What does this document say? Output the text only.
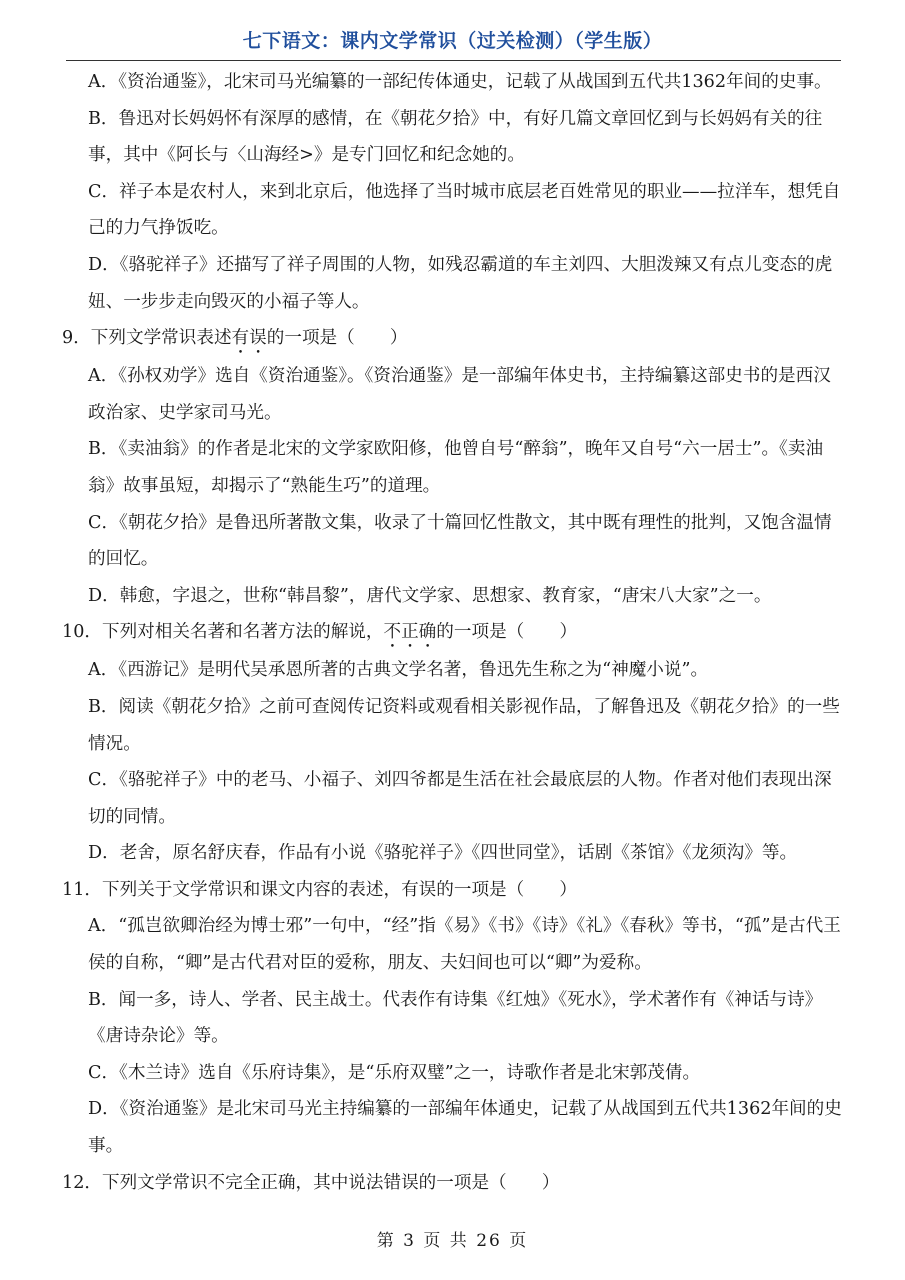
七下语文：课内文学常识（过关检测）（学生版）

A．《资治通鉴》，北宋司马光编纂的一部纪传体通史，记载了从战国到五代共1362年间的史事。

B．鲁迅对长妈妈怀有深厚的感情，在《朝花夕拾》中，有好几篇文章回忆到与长妈妈有关的往事，其中《阿长与〈山海经>》是专门回忆和纪念她的。

C．祥子本是农村人，来到北京后，他选择了当时城市底层老百姓常见的职业——拉洋车，想凭自己的力气挣饭吃。

D．《骆驼祥子》还描写了祥子周围的人物，如残忍霸道的车主刘四、大胆泼辣又有点儿变态的虎妞、一步步走向毁灭的小福子等人。

9．下列文学常识表述有误的一项是（　　）

A．《孙权劝学》选自《资治通鉴》。《资治通鉴》是一部编年体史书，主持编纂这部史书的是西汉政治家、史学家司马光。

B．《卖油翁》的作者是北宋的文学家欧阳修，他曾自号“醉翁”，晚年又自号“六一居士”。《卖油翁》故事虽短，却揭示了“熟能生巧”的道理。

C．《朝花夕拾》是鲁迅所著散文集，收录了十篇回忆性散文，其中既有理性的批判，又饱含温情的回忆。

D．韩愈，字退之，世称“韩昌黎”，唐代文学家、思想家、教育家，“唐宋八大家”之一。

10．下列对相关名著和名著方法的解说，不正确的一项是（　　）

A．《西游记》是明代吴承恩所著的古典文学名著，鲁迅先生称之为“神魔小说”。

B．阅读《朝花夕拾》之前可查阅传记资料或观看相关影视作品，了解鲁迅及《朝花夕拾》的一些情况。

C．《骆驼祥子》中的老马、小福子、刘四爷都是生活在社会最底层的人物。作者对他们表现出深切的同情。

D．老舍，原名舒庆春，作品有小说《骆驼祥子》《四世同堂》，话剧《茶馆》《龙须沟》等。

11．下列关于文学常识和课文内容的表述，有误的一项是（　　）

A．“孤岂欲卿治经为博士邪”一句中，“经”指《易》《书》《诗》《礼》《春秋》等书，“孤”是古代王侯的自称，“卿”是古代君对臣的爱称，朋友、夫妇间也可以“卿”为爱称。

B．闻一多，诗人、学者、民主战士。代表作有诗集《红烛》《死水》，学术著作有《神话与诗》《唐诗杂论》等。

C．《木兰诗》选自《乐府诗集》，是“乐府双璧”之一，诗歌作者是北宋郭茂倩。

D．《资治通鉴》是北宋司马光主持编纂的一部编年体通史，记载了从战国到五代共1362年间的史事。

12．下列文学常识不完全正确，其中说法错误的一项是（　　）

第 3 页 共 26 页
